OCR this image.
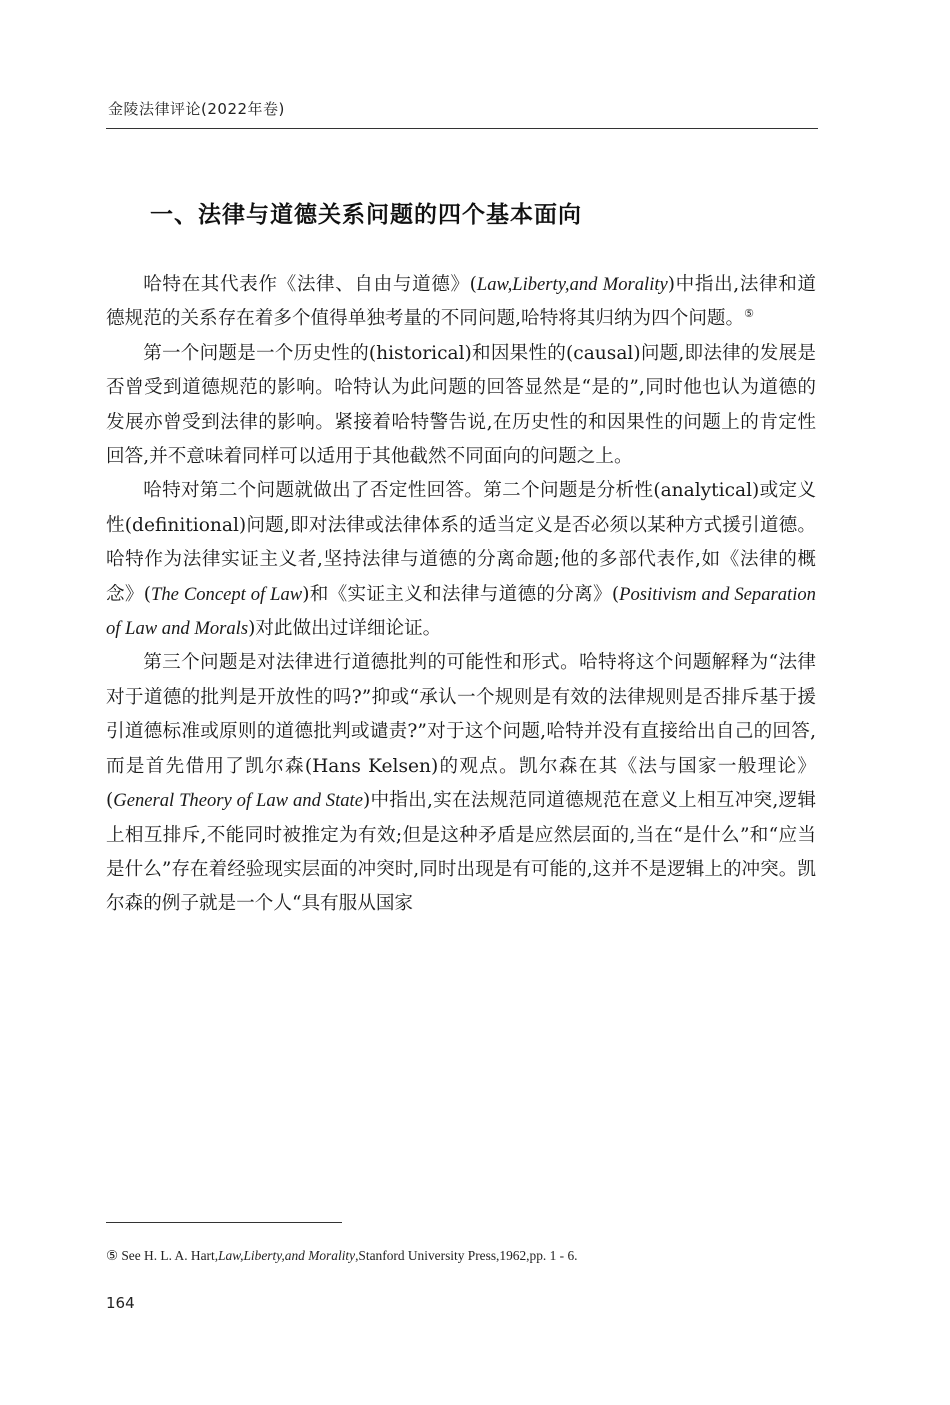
金陵法律评论(2022年卷)
一、法律与道德关系问题的四个基本面向

哈特在其代表作《法律、自由与道德》(Law,Liberty,and Morality)中指出,法律和道德规范的关系存在着多个值得单独考量的不同问题,哈特将其归纳为四个问题。⑤

第一个问题是一个历史性的(historical)和因果性的(causal)问题,即法律的发展是否曾受到道德规范的影响。哈特认为此问题的回答显然是“是的”,同时他也认为道德的发展亦曾受到法律的影响。紧接着哈特警告说,在历史性的和因果性的问题上的肯定性回答,并不意味着同样可以适用于其他截然不同面向的问题之上。

哈特对第二个问题就做出了否定性回答。第二个问题是分析性(analytical)或定义性(definitional)问题,即对法律或法律体系的适当定义是否必须以某种方式援引道德。哈特作为法律实证主义者,坚持法律与道德的分离命题;他的多部代表作,如《法律的概念》(The Concept of Law)和《实证主义和法律与道德的分离》(Positivism and Separation of Law and Morals)对此做出过详细论证。

第三个问题是对法律进行道德批判的可能性和形式。哈特将这个问题解释为“法律对于道德的批判是开放性的吗?”抑或“承认一个规则是有效的法律规则是否排斥基于援引道德标准或原则的道德批判或谴责?”对于这个问题,哈特并没有直接给出自己的回答,而是首先借用了凯尔森(Hans Kelsen)的观点。凯尔森在其《法与国家一般理论》(General Theory of Law and State)中指出,实在法规范同道德规范在意义上相互冲突,逻辑上相互排斥,不能同时被推定为有效;但是这种矛盾是应然层面的,当在“是什么”和“应当是什么”存在着经验现实层面的冲突时,同时出现是有可能的,这并不是逻辑上的冲突。凯尔森的例子就是一个人“具有服从国家

⑤ See H. L. A. Hart,Law,Liberty,and Morality,Stanford University Press,1962,pp. 1 - 6.
164
